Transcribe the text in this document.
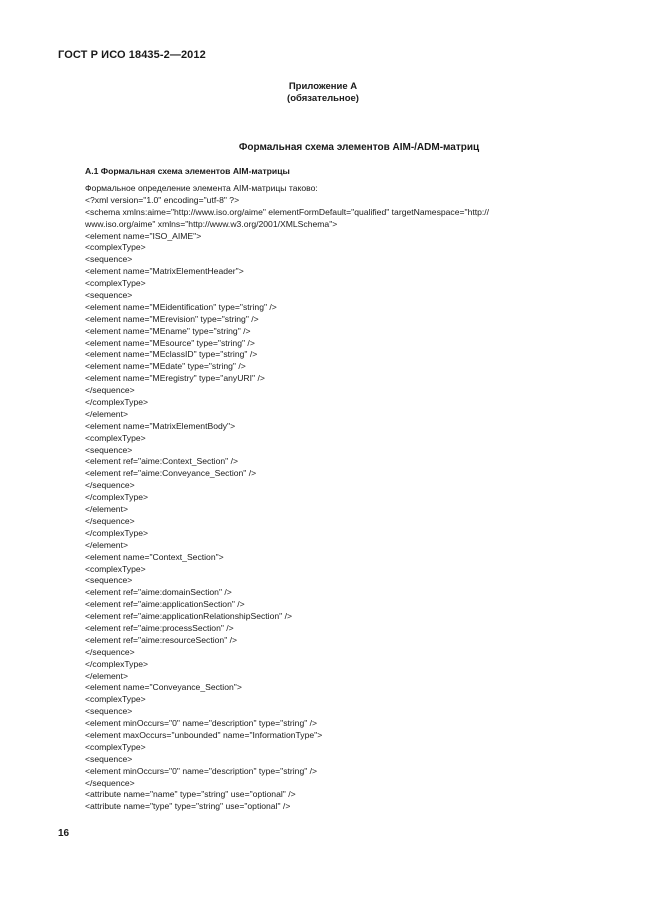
ГОСТ Р ИСО 18435-2—2012
Приложение А
(обязательное)
Формальная схема элементов AIM-/ADM-матриц
А.1 Формальная схема элементов AIM-матрицы
Формальное определение элемента AIM-матрицы таково:
<?xml version="1.0" encoding="utf-8" ?>
<schema xmlns:aime="http://www.iso.org/aime" elementFormDefault="qualified" targetNamespace="http://
www.iso.org/aime" xmlns="http://www.w3.org/2001/XMLSchema">
<element name="ISO_AIME">
<complexType>
<sequence>
<element name="MatrixElementHeader">
<complexType>
<sequence>
<element name="MEidentification" type="string" />
<element name="MErevision" type="string" />
<element name="MEname" type="string" />
<element name="MEsource" type="string" />
<element name="MEclassID" type="string" />
<element name="MEdate" type="string" />
<element name="MEregistry" type="anyURI" />
</sequence>
</complexType>
</element>
<element name="MatrixElementBody">
<complexType>
<sequence>
<element ref="aime:Context_Section" />
<element ref="aime:Conveyance_Section" />
</sequence>
</complexType>
</element>
</sequence>
</complexType>
</element>
<element name="Context_Section">
<complexType>
<sequence>
<element ref="aime:domainSection" />
<element ref="aime:applicationSection" />
<element ref="aime:applicationRelationshipSection" />
<element ref="aime:processSection" />
<element ref="aime:resourceSection" />
</sequence>
</complexType>
</element>
<element name="Conveyance_Section">
<complexType>
<sequence>
<element minOccurs="0" name="description" type="string" />
<element maxOccurs="unbounded" name="InformationType">
<complexType>
<sequence>
<element minOccurs="0" name="description" type="string" />
</sequence>
<attribute name="name" type="string" use="optional" />
<attribute name="type" type="string" use="optional" />
16
